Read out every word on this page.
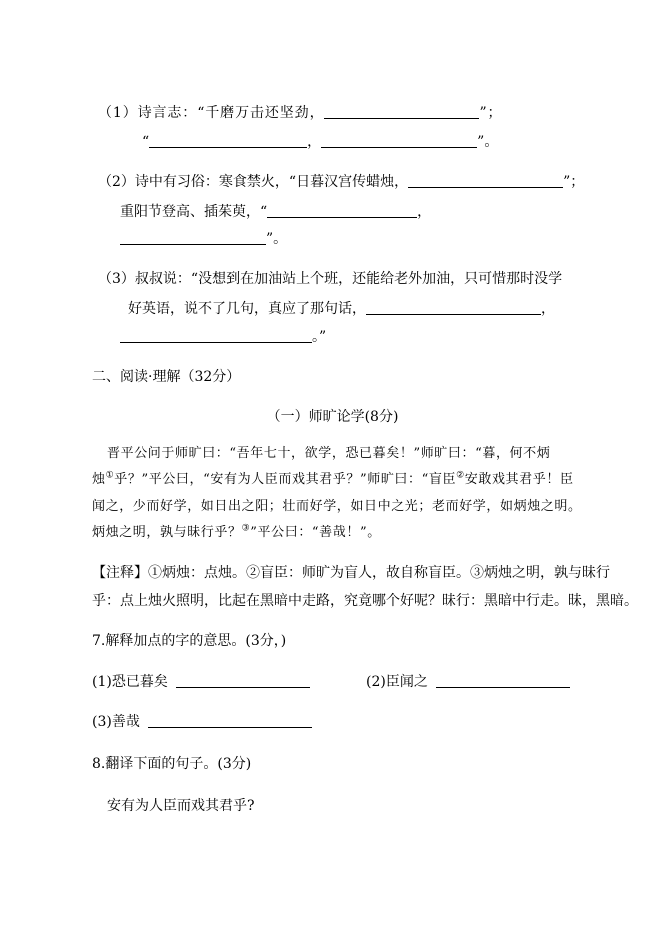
（1）诗言志：“千磨万击还坚劲，	”；
“	，	”。
（2）诗中有习俗：寒食禁火，“日暮汉宫传蜡烛，	”；
重阳节登高、插茱萸，“	，
”。
（3）叔叔说：“没想到在加油站上个班，还能给老外加油，只可惜那时没学
好英语，说不了几句，真应了那句话，	，
。”
二、阅读·理解（32分）
（一）师旷论学(8分)
晋平公问于师旷曰：“吾年七十，欲学，恐已暮矣！”师旷曰：“暮，何不炳
烛①乎？”平公曰，“安有为人臣而戏其君乎？”师旷曰：“盲臣②安敢戏其君乎！臣
闻之，少而好学，如日出之阳；壮而好学，如日中之光；老而好学，如炳烛之明。
炳烛之明，孰与昧行乎？③”平公曰：“善哉！”。
【注释】①炳烛：点烛。②盲臣：师旷为盲人，故自称盲臣。③炳烛之明，孰与昧行
乎：点上烛火照明，比起在黑暗中走路，究竟哪个好呢？昧行：黑暗中行走。昧，黑暗。
7.解释加点的字的意思。(3分，)
(1)恐已暮矣	(2)臣闻之
(3)善哉
8.翻译下面的句子。(3分)
安有为人臣而戏其君乎?
